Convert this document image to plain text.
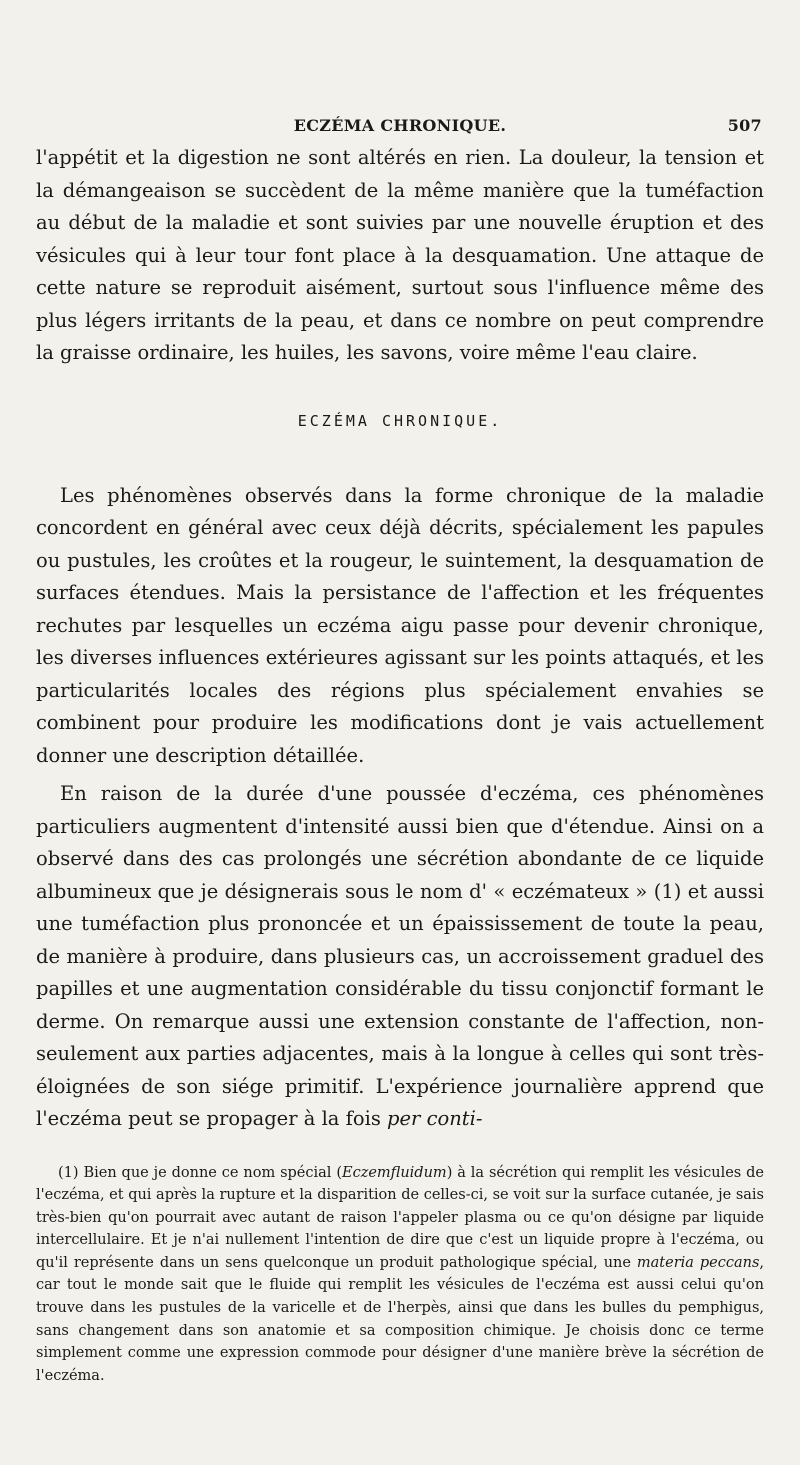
ECZÉMA CHRONIQUE.	507

l'appétit et la digestion ne sont altérés en rien. La douleur, la tension et la démangeaison se succèdent de la même manière que la tuméfaction au début de la maladie et sont suivies par une nouvelle éruption et des vésicules qui à leur tour font place à la desquamation. Une attaque de cette nature se reproduit aisément, surtout sous l'influence même des plus légers irritants de la peau, et dans ce nombre on peut comprendre la graisse ordinaire, les huiles, les savons, voire même l'eau claire.

ECZÉMA CHRONIQUE.

Les phénomènes observés dans la forme chronique de la maladie concordent en général avec ceux déjà décrits, spécialement les papules ou pustules, les croûtes et la rougeur, le suintement, la desquamation de surfaces étendues. Mais la persistance de l'affection et les fréquentes rechutes par lesquelles un eczéma aigu passe pour devenir chronique, les diverses influences extérieures agissant sur les points attaqués, et les particularités locales des régions plus spécialement envahies se combinent pour produire les modifications dont je vais actuellement donner une description détaillée.

En raison de la durée d'une poussée d'eczéma, ces phénomènes particuliers augmentent d'intensité aussi bien que d'étendue. Ainsi on a observé dans des cas prolongés une sécrétion abondante de ce liquide albumineux que je désignerais sous le nom d' « eczémateux » (1) et aussi une tuméfaction plus prononcée et un épaississement de toute la peau, de manière à produire, dans plusieurs cas, un accroissement graduel des papilles et une augmentation considérable du tissu conjonctif formant le derme. On remarque aussi une extension constante de l'affection, non-seulement aux parties adjacentes, mais à la longue à celles qui sont très-éloignées de son siége primitif. L'expérience journalière apprend que l'eczéma peut se propager à la fois per conti-

(1) Bien que je donne ce nom spécial (Eczemfluidum) à la sécrétion qui remplit les vésicules de l'eczéma, et qui après la rupture et la disparition de celles-ci, se voit sur la surface cutanée, je sais très-bien qu'on pourrait avec autant de raison l'appeler plasma ou ce qu'on désigne par liquide intercellulaire. Et je n'ai nullement l'intention de dire que c'est un liquide propre à l'eczéma, ou qu'il représente dans un sens quelconque un produit pathologique spécial, une materia peccans, car tout le monde sait que le fluide qui remplit les vésicules de l'eczéma est aussi celui qu'on trouve dans les pustules de la varicelle et de l'herpès, ainsi que dans les bulles du pemphigus, sans changement dans son anatomie et sa composition chimique. Je choisis donc ce terme simplement comme une expression commode pour désigner d'une manière brève la sécrétion de l'eczéma.
